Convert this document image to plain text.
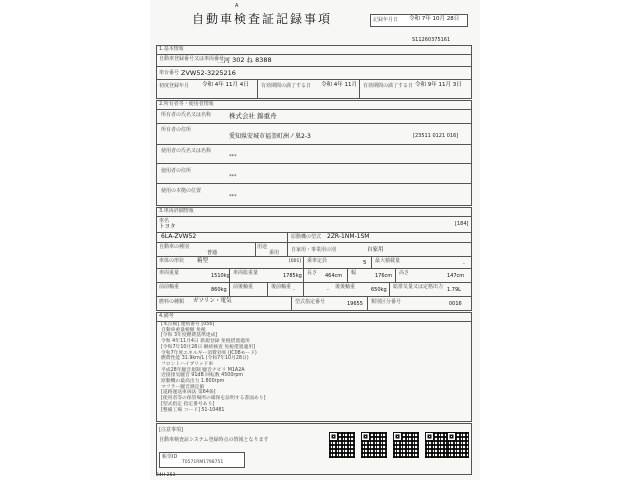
A
自動車検査証記録事項	記録年月日 令和 7年 10月 28日
S11260375161
1.基本情報
自動車登録番号又は車両番号
三河 302 ね 8388
車台番号 ZVW52-3225216
初度登録年月 令和 4年 11月 4日 有効期間の満了する日 令和 4年 11月 有効期間の満了する日 令和 9年 11月 3日
2.所有者等・使用者情報
所有者の氏名又は名称	株式会社 錦重舟
所有者の住所
愛知県安城市福釜町洲ノ巣2-3	[23511 0121 016]
使用者の氏名又は名称
***
使用者の住所
***
使用の本拠の位置
***
3.車両詳細情報
車名
トヨタ	[184]
6LA-ZVW52	原動機の型式 2ZR-1NM-1SM
自動車の種別
普通
用途
乗用 自家用・事業用の別	自家用
車体の形状 箱型	[001] 乗車定員	5 最大積載量	-
車両重量	1510kg 車両総重量	1785kg 長さ 464cm 幅	176cm 高さ	147cm
前前軸重	860kg 前後軸重	-
後前軸重	- 後後軸重	650kg 総排気量又は定格出力 1.79L
燃料の種類 ガソリン・電気	型式指定番号	19655 類別区分番号	0016
4.備考
[本点検] 連絡番号 [056]
自動車重量税額 免税
[令和 3年度燃費基準達成]
令和 4年11月4日 新規登録 免税措置適用
[令和7年10月28日 継続検査 免税措置適用]
令和7年度エネルギー消費効率 (JC08モード)
燃費性能 31.9km/L (令和7年10月28日)
フロントハイブリッド車
平成28年騒音規制 騒音ナビリ M1A2A
近接排気騒音 91dB 回転数 4500rpm
原動機の最高出力 1.800rpm
マフラー騒音測定値
[道路運送車両法 第64条]
[使用者等の保管場所の確保を証明する書面あり]
[型式指定 指定番号あり]
[整備工場 コード] 51-10481
[注意事項]
自動車検査証システム登録時点の情報となります
帳票ID
T0571RM1798751
24H-253
